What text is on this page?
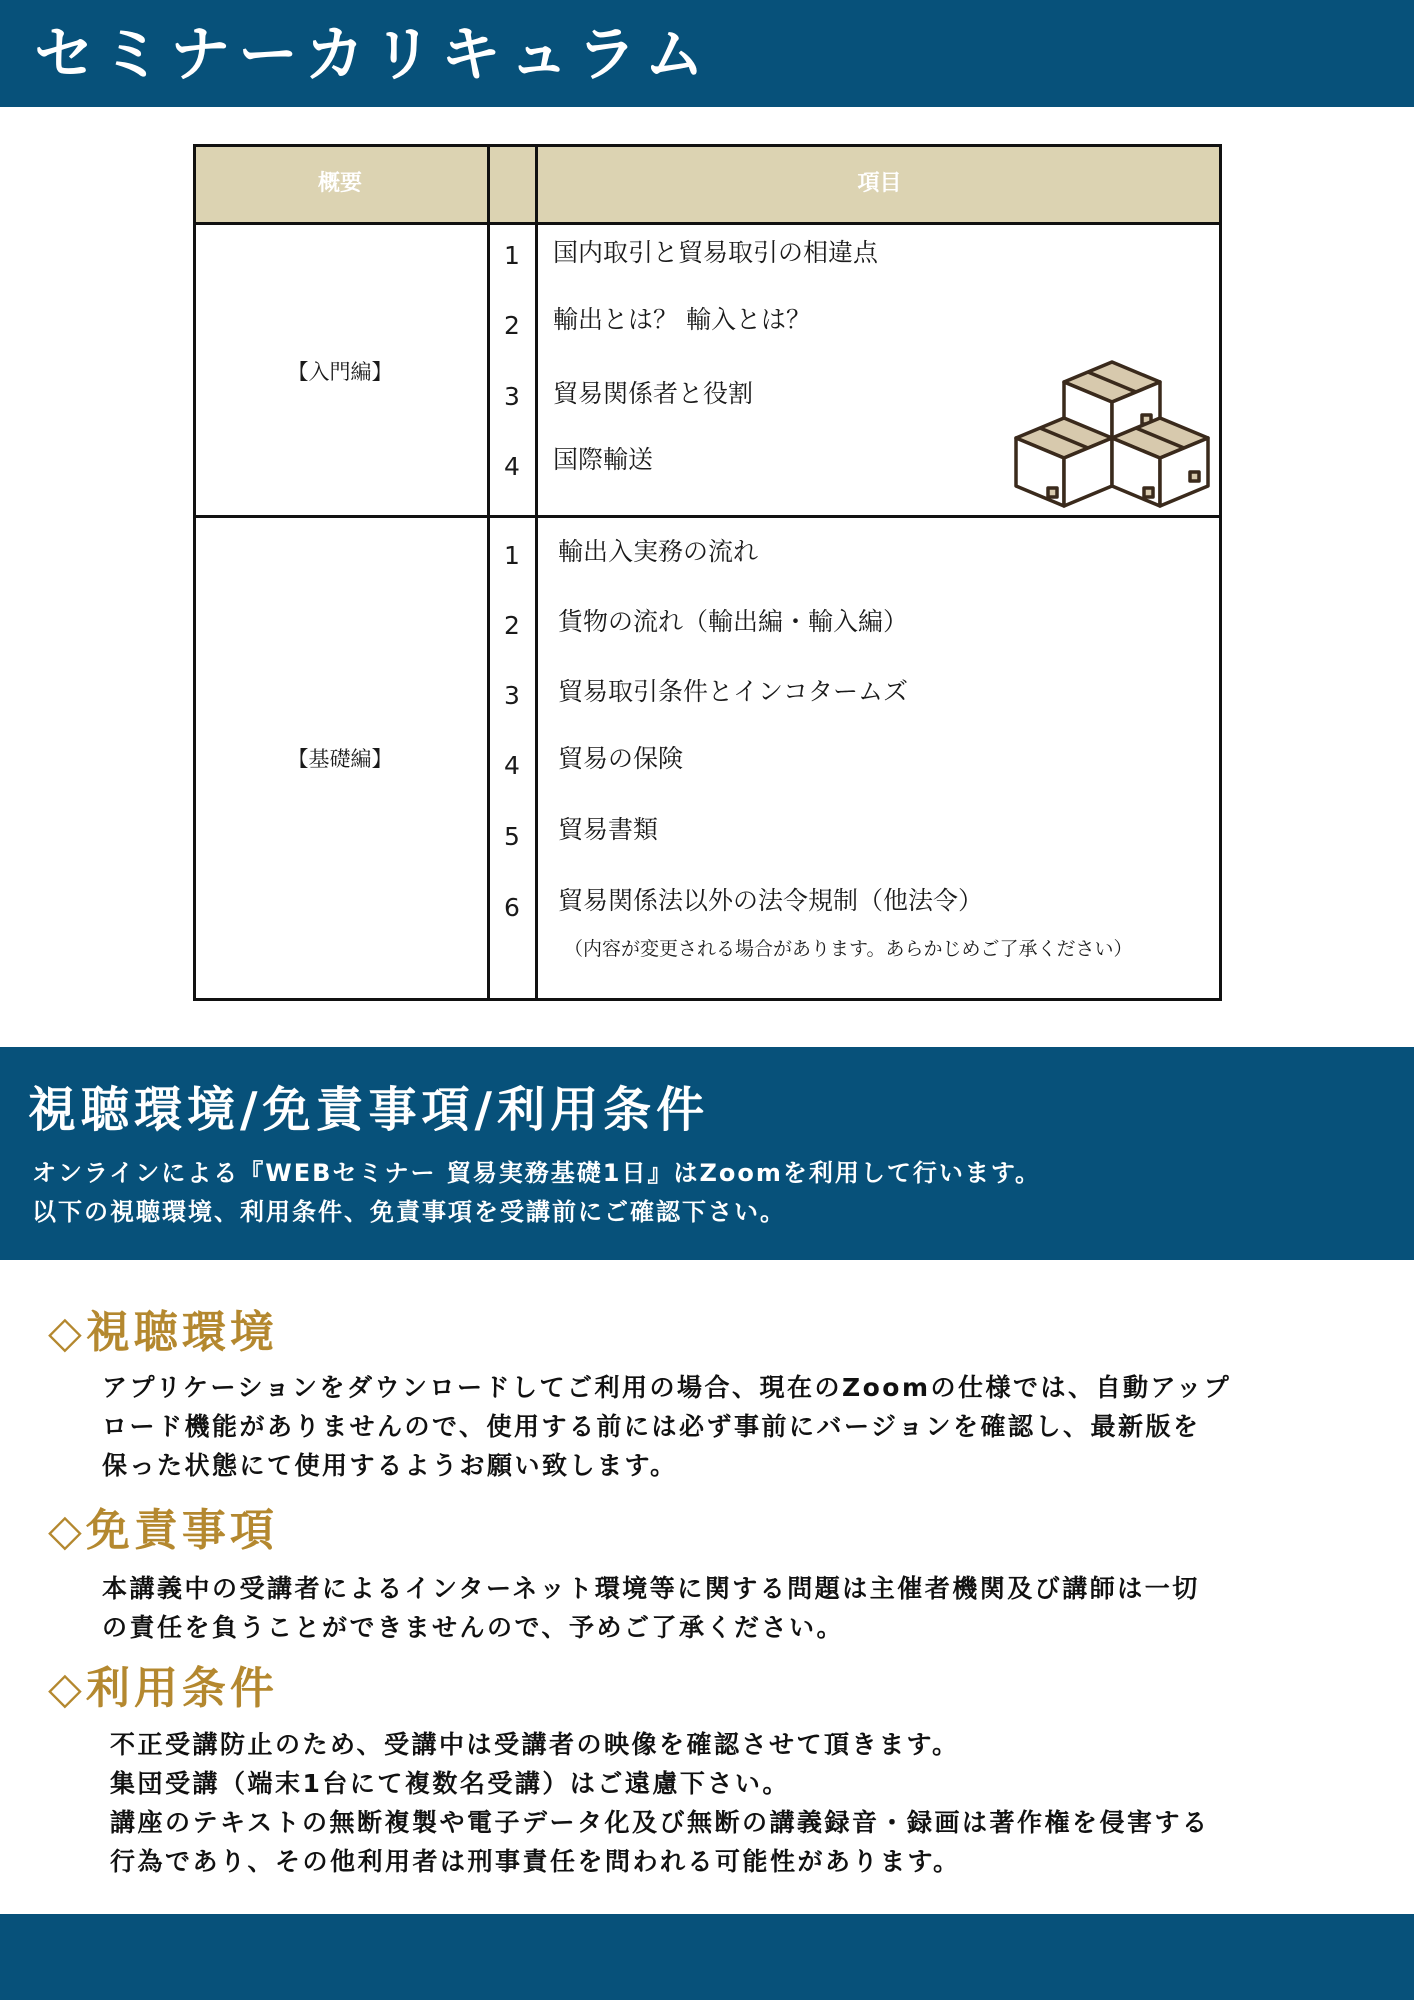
セミナーカリキュラム
概要	項目
【入門編】
1	国内取引と貿易取引の相違点
2	輸出とは？ 輸入とは？
3	貿易関係者と役割
4	国際輸送
【基礎編】
1	輸出入実務の流れ
2	貨物の流れ（輸出編・輸入編）
3	貿易取引条件とインコタームズ
4	貿易の保険
5	貿易書類
6	貿易関係法以外の法令規制（他法令）
（内容が変更される場合があります。あらかじめご了承ください）
視聴環境/免責事項/利用条件
オンラインによる『WEBセミナー 貿易実務基礎1日』はZoomを利用して行います。
以下の視聴環境、利用条件、免責事項を受講前にご確認下さい。
◇視聴環境
アプリケーションをダウンロードしてご利用の場合、現在のZoomの仕様では、自動アップ
ロード機能がありませんので、使用する前には必ず事前にバージョンを確認し、最新版を
保った状態にて使用するようお願い致します。
◇免責事項
本講義中の受講者によるインターネット環境等に関する問題は主催者機関及び講師は一切
の責任を負うことができませんので、予めご了承ください。
◇利用条件
不正受講防止のため、受講中は受講者の映像を確認させて頂きます。
集団受講（端末1台にて複数名受講）はご遠慮下さい。
講座のテキストの無断複製や電子データ化及び無断の講義録音・録画は著作権を侵害する
行為であり、その他利用者は刑事責任を問われる可能性があります。
